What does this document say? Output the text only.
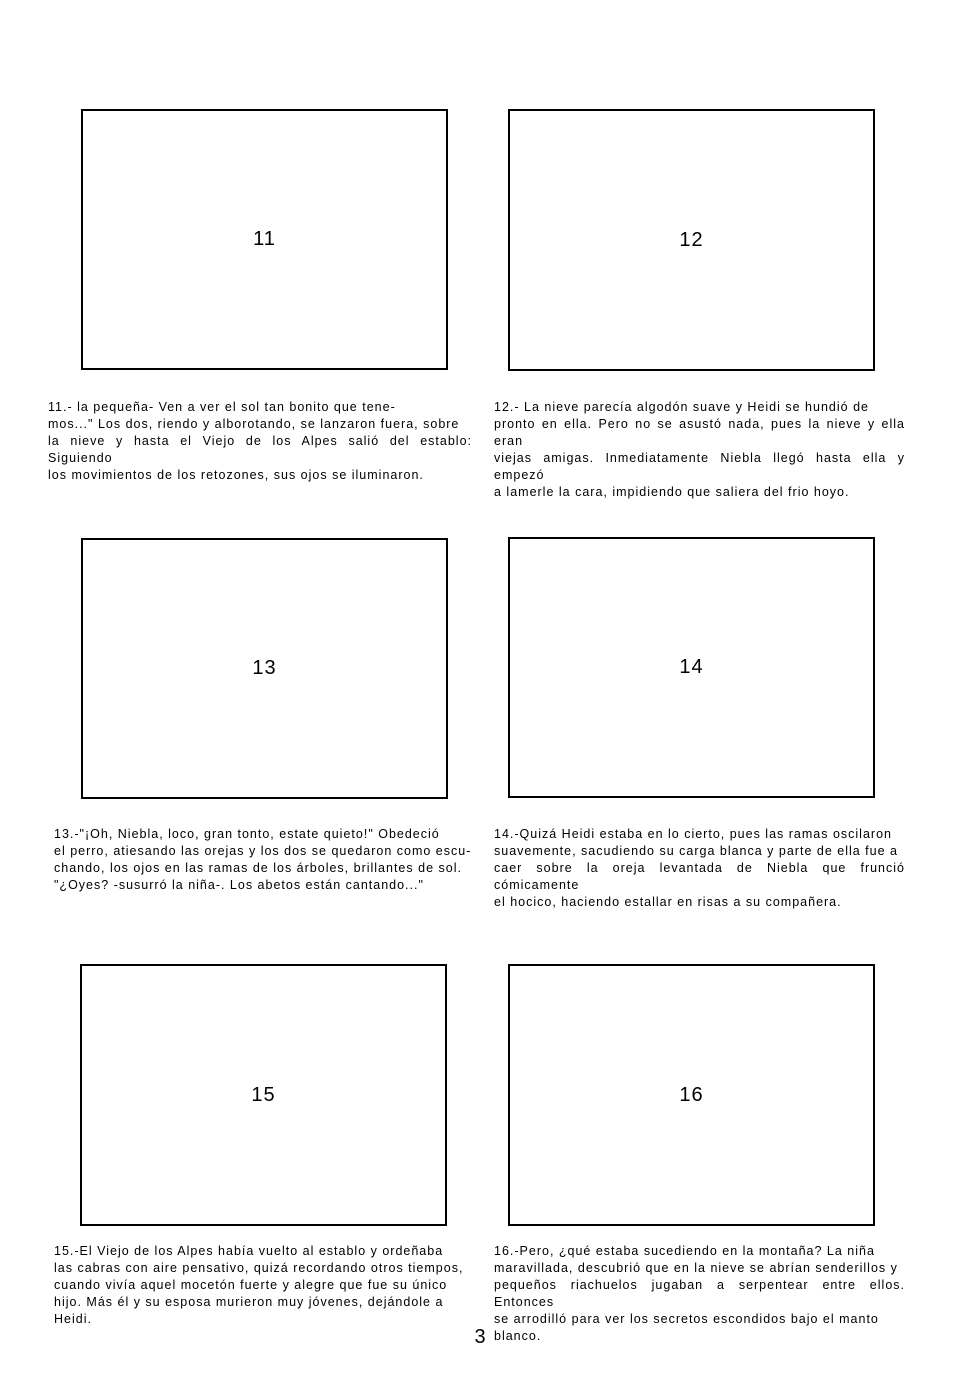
11
11.- la pequeña- Ven a ver el sol tan bonito que tene-
mos..." Los dos, riendo y alborotando, se lanzaron fuera, sobre
la nieve y hasta el Viejo de los Alpes salió del establo: Siguiendo
los movimientos de los retozones, sus ojos se iluminaron.
12
12.- La nieve parecía algodón suave y Heidi se hundió de
pronto en ella. Pero no se asustó nada, pues la nieve y ella eran
viejas amigas. Inmediatamente Niebla llegó hasta ella y empezó
a lamerle la cara, impidiendo que saliera del frio hoyo.
13
13.-"¡Oh, Niebla, loco, gran tonto, estate quieto!" Obedeció
el perro, atiesando las orejas y los dos se quedaron como escu-
chando, los ojos en las ramas de los árboles, brillantes de sol.
"¿Oyes? -susurró la niña-. Los abetos están cantando..."
14
14.-Quizá Heidi estaba en lo cierto, pues las ramas oscilaron
suavemente, sacudiendo su carga blanca y parte de ella fue a
caer sobre la oreja levantada de Niebla que frunció cómicamente
el hocico, haciendo estallar en risas a su compañera.
15
15.-El Viejo de los Alpes había vuelto al establo y ordeñaba
las cabras con aire pensativo, quizá recordando otros tiempos,
cuando vivía aquel mocetón fuerte y alegre que fue su único
hijo. Más él y su esposa murieron muy jóvenes, dejándole a
Heidi.
16
16.-Pero, ¿qué estaba sucediendo en la montaña? La niña
maravillada, descubrió que en la nieve se abrían senderillos y
pequeños riachuelos jugaban a serpentear entre ellos. Entonces
se arrodilló para ver los secretos escondidos bajo el manto
blanco.
3
